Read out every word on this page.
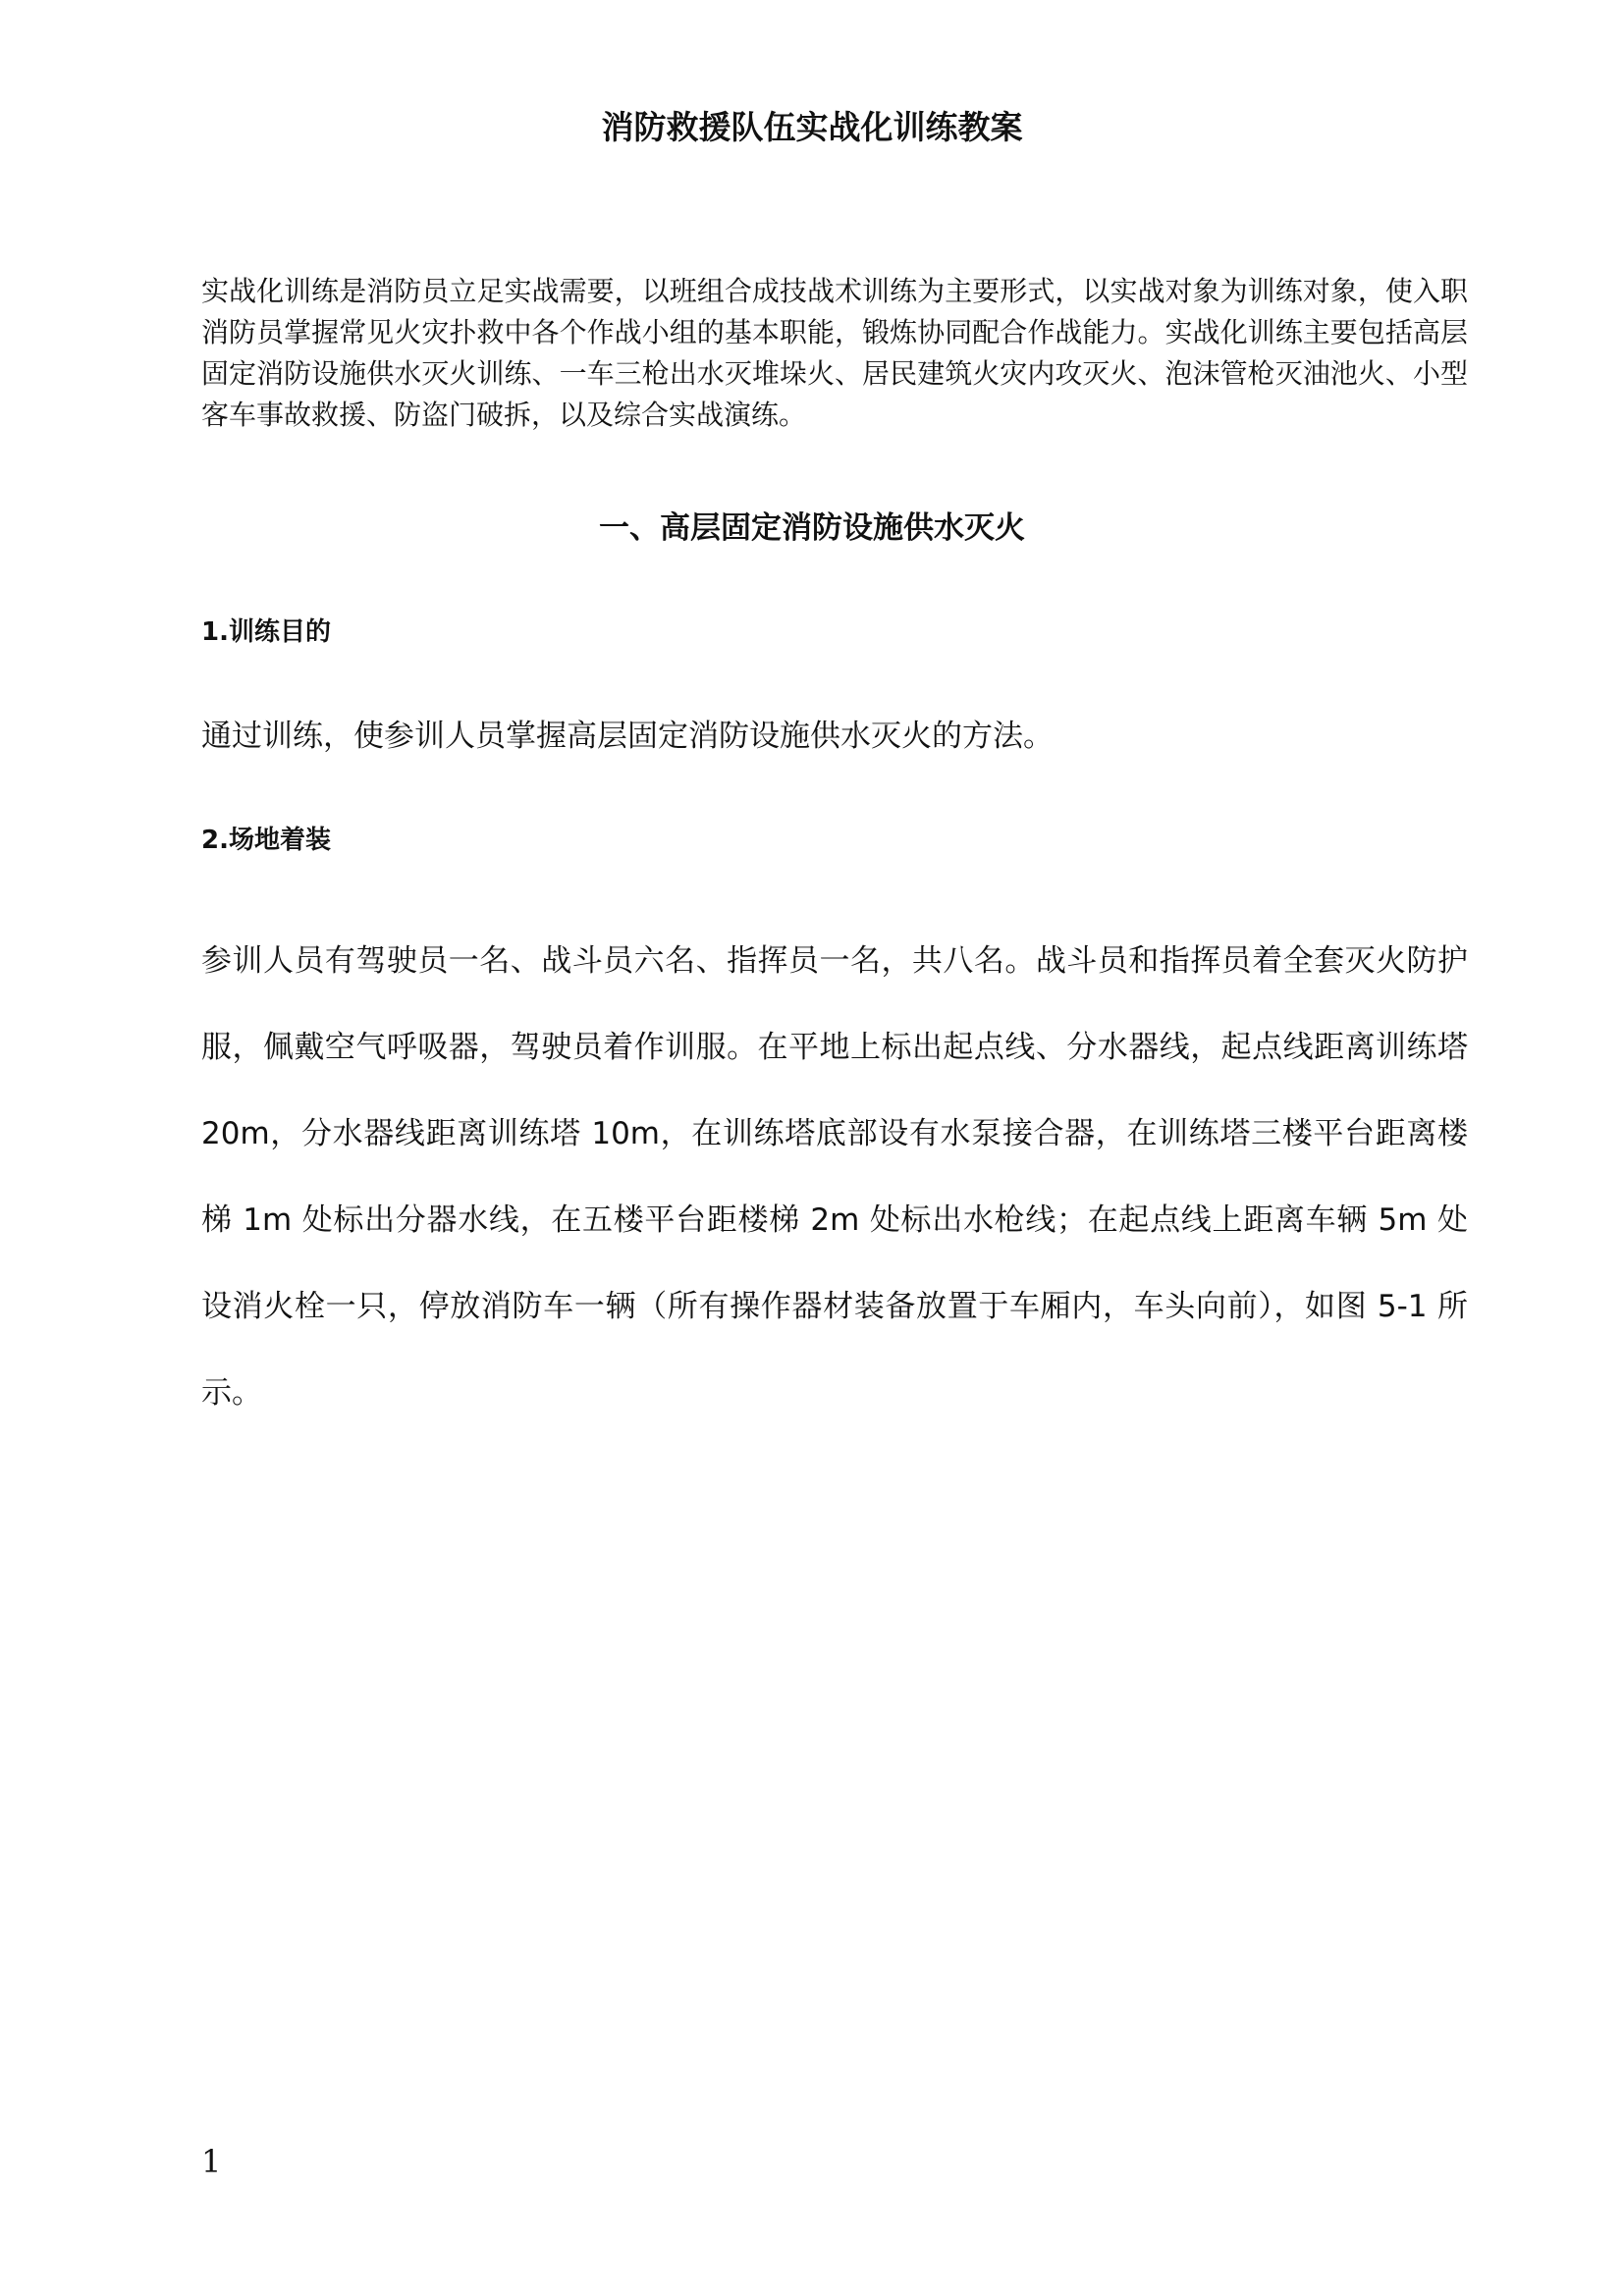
消防救援队伍实战化训练教案

实战化训练是消防员立足实战需要，以班组合成技战术训练为主要形式，以实战对象为训练对象，使入职消防员掌握常见火灾扑救中各个作战小组的基本职能，锻炼协同配合作战能力。实战化训练主要包括高层固定消防设施供水灭火训练、一车三枪出水灭堆垛火、居民建筑火灾内攻灭火、泡沫管枪灭油池火、小型客车事故救援、防盗门破拆，以及综合实战演练。

一、高层固定消防设施供水灭火
1.训练目的

通过训练，使参训人员掌握高层固定消防设施供水灭火的方法。

2.场地着装

参训人员有驾驶员一名、战斗员六名、指挥员一名，共八名。战斗员和指挥员着全套灭火防护服，佩戴空气呼吸器，驾驶员着作训服。在平地上标出起点线、分水器线，起点线距离训练塔 20m，分水器线距离训练塔 10m，在训练塔底部设有水泵接合器，在训练塔三楼平台距离楼梯 1m 处标出分器水线，在五楼平台距楼梯 2m 处标出水枪线；在起点线上距离车辆 5m 处设消火栓一只，停放消防车一辆（所有操作器材装备放置于车厢内，车头向前），如图 5-1 所示。

1
